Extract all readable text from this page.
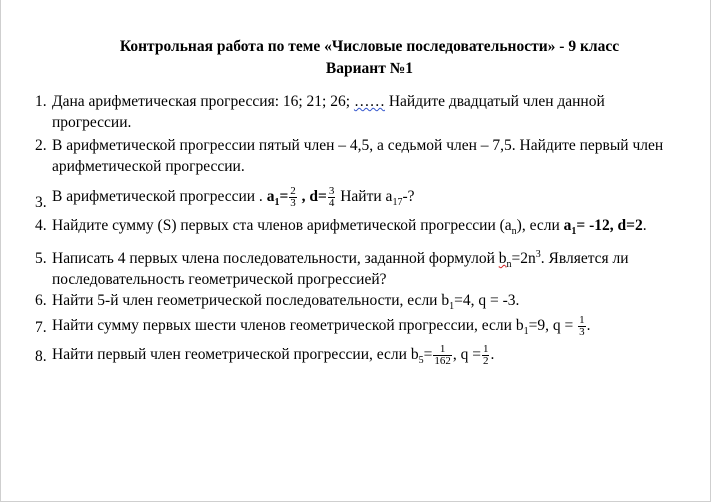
Контрольная работа по теме «Числовые последовательности» - 9 класс
Вариант №1
1. Дана арифметическая прогрессия: 16; 21; 26; …… Найдите двадцатый член данной прогрессии.
2. В арифметической прогрессии пятый член – 4,5, а седьмой член – 7,5. Найдите первый член арифметической прогрессии.
3. В арифметической прогрессии . $a_1= \frac{2}{3}$ , $d= \frac{3}{4}$ Найти $a_{17}-$?
4. Найдите сумму (S) первых ста членов арифметической прогрессии $(a_n)$, если $a_1= -12$, d=2.
5. Написать 4 первых члена последовательности, заданной формулой $b_n=2n^3$. Является ли последовательность геометрической прогрессией?
6. Найти 5-й член геометрической последовательности, если $b_1=4$, q = -3.
7. Найти сумму первых шести членов геометрической прогрессии, если $b_1=9$, $q = \frac{1}{3}$ .
8. Найти первый член геометрической прогрессии, если $b_5= \frac{1}{162}$ , $q = \frac{1}{2}$ .
